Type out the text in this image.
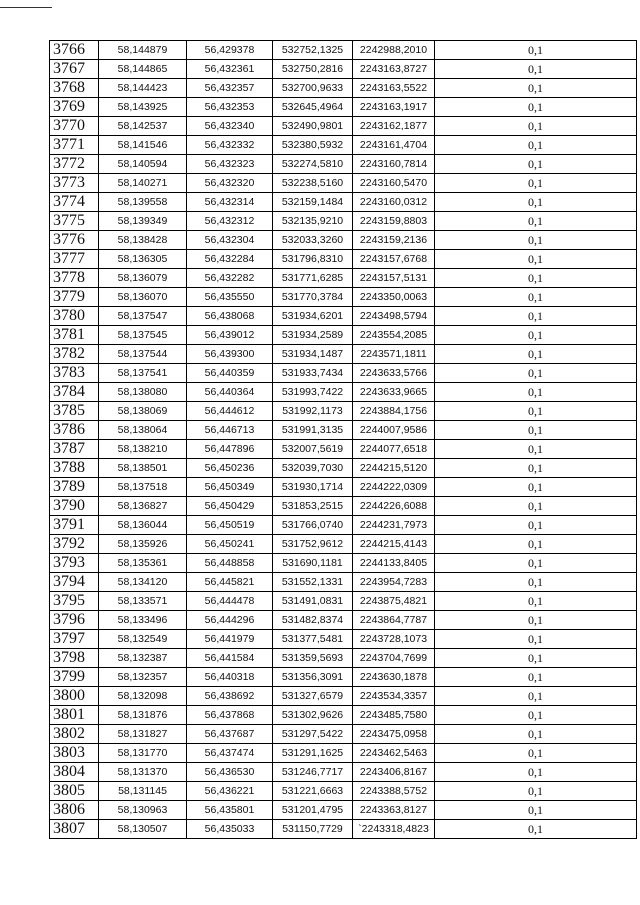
3766	58,144879	56,429378	532752,1325	2242988,2010	0,1
3767	58,144865	56,432361	532750,2816	2243163,8727	0,1
3768	58,144423	56,432357	532700,9633	2243163,5522	0,1
3769	58,143925	56,432353	532645,4964	2243163,1917	0,1
3770	58,142537	56,432340	532490,9801	2243162,1877	0,1
3771	58,141546	56,432332	532380,5932	2243161,4704	0,1
3772	58,140594	56,432323	532274,5810	2243160,7814	0,1
3773	58,140271	56,432320	532238,5160	2243160,5470	0,1
3774	58,139558	56,432314	532159,1484	2243160,0312	0,1
3775	58,139349	56,432312	532135,9210	2243159,8803	0,1
3776	58,138428	56,432304	532033,3260	2243159,2136	0,1
3777	58,136305	56,432284	531796,8310	2243157,6768	0,1
3778	58,136079	56,432282	531771,6285	2243157,5131	0,1
3779	58,136070	56,435550	531770,3784	2243350,0063	0,1
3780	58,137547	56,438068	531934,6201	2243498,5794	0,1
3781	58,137545	56,439012	531934,2589	2243554,2085	0,1
3782	58,137544	56,439300	531934,1487	2243571,1811	0,1
3783	58,137541	56,440359	531933,7434	2243633,5766	0,1
3784	58,138080	56,440364	531993,7422	2243633,9665	0,1
3785	58,138069	56,444612	531992,1173	2243884,1756	0,1
3786	58,138064	56,446713	531991,3135	2244007,9586	0,1
3787	58,138210	56,447896	532007,5619	2244077,6518	0,1
3788	58,138501	56,450236	532039,7030	2244215,5120	0,1
3789	58,137518	56,450349	531930,1714	2244222,0309	0,1
3790	58,136827	56,450429	531853,2515	2244226,6088	0,1
3791	58,136044	56,450519	531766,0740	2244231,7973	0,1
3792	58,135926	56,450241	531752,9612	2244215,4143	0,1
3793	58,135361	56,448858	531690,1181	2244133,8405	0,1
3794	58,134120	56,445821	531552,1331	2243954,7283	0,1
3795	58,133571	56,444478	531491,0831	2243875,4821	0,1
3796	58,133496	56,444296	531482,8374	2243864,7787	0,1
3797	58,132549	56,441979	531377,5481	2243728,1073	0,1
3798	58,132387	56,441584	531359,5693	2243704,7699	0,1
3799	58,132357	56,440318	531356,3091	2243630,1878	0,1
3800	58,132098	56,438692	531327,6579	2243534,3357	0,1
3801	58,131876	56,437868	531302,9626	2243485,7580	0,1
3802	58,131827	56,437687	531297,5422	2243475,0958	0,1
3803	58,131770	56,437474	531291,1625	2243462,5463	0,1
3804	58,131370	56,436530	531246,7717	2243406,8167	0,1
3805	58,131145	56,436221	531221,6663	2243388,5752	0,1
3806	58,130963	56,435801	531201,4795	2243363,8127	0,1
3807	58,130507	56,435033	531150,7729	`2243318,4823	0,1
